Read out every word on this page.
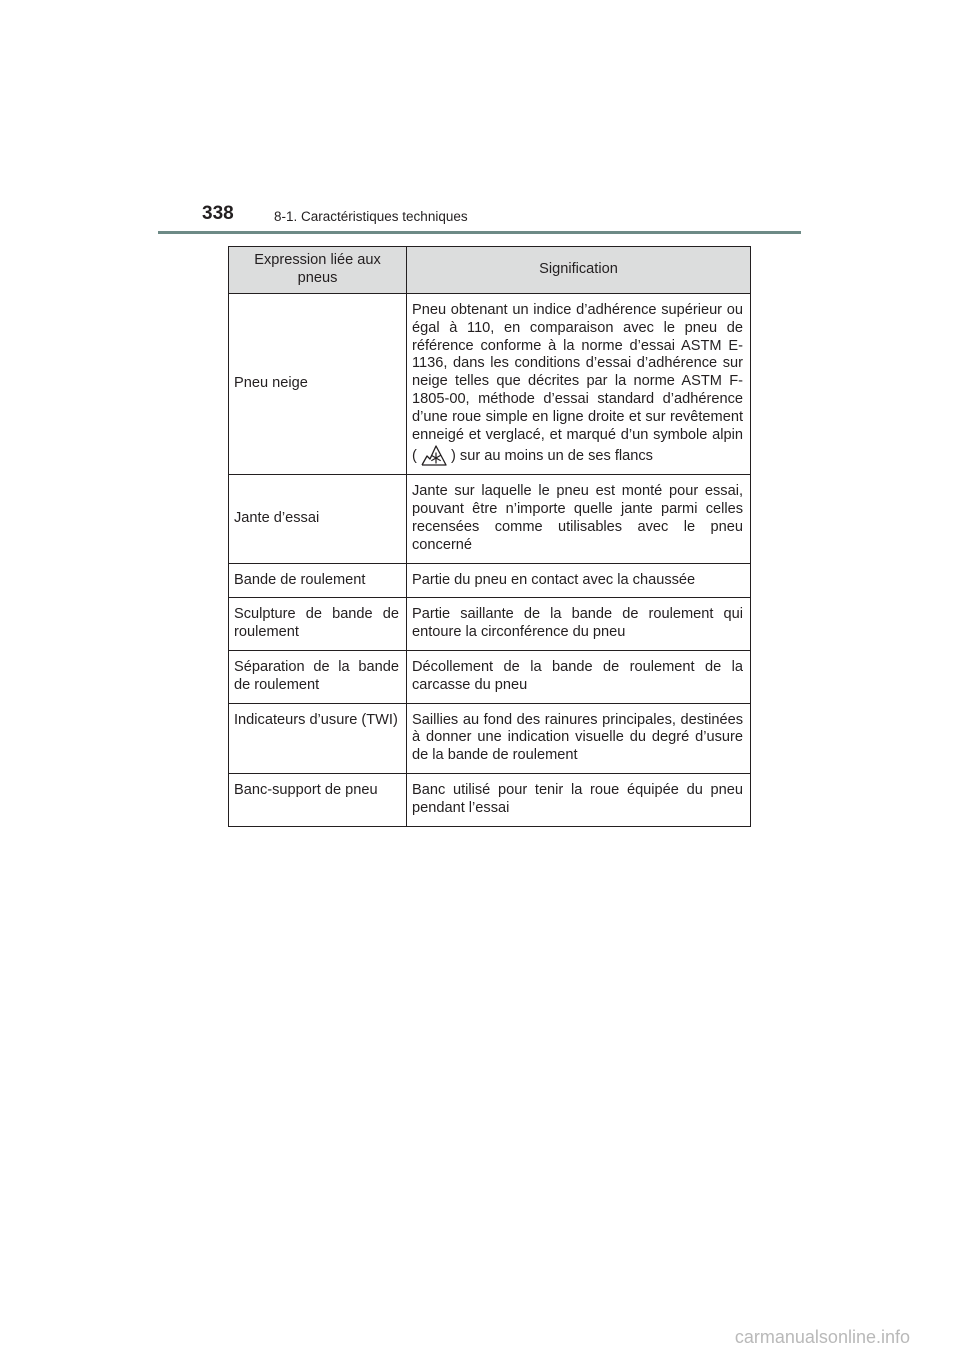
338	8-1. Caractéristiques techniques
Expression liée aux pneus	Signification
Pneu neige	Pneu obtenant un indice d’adhérence supérieur ou égal à 110, en comparaison avec le pneu de référence conforme à la norme d’essai ASTM E-1136, dans les conditions d’essai d’adhérence sur neige telles que décrites par la norme ASTM F-1805-00, méthode d’essai standard d’adhérence d’une roue simple en ligne droite et sur revêtement enneigé et verglacé, et marqué d’un symbole alpin ( ) sur au moins un de ses flancs
Jante d’essai	Jante sur laquelle le pneu est monté pour essai, pouvant être n’importe quelle jante parmi celles recensées comme utilisables avec le pneu concerné
Bande de roulement	Partie du pneu en contact avec la chaussée
Sculpture de bande de roulement	Partie saillante de la bande de roulement qui entoure la circonférence du pneu
Séparation de la bande de roulement	Décollement de la bande de roulement de la carcasse du pneu
Indicateurs d’usure (TWI)	Saillies au fond des rainures principales, destinées à donner une indication visuelle du degré d’usure de la bande de roulement
Banc-support de pneu	Banc utilisé pour tenir la roue équipée du pneu pendant l’essai
carmanualsonline.info
